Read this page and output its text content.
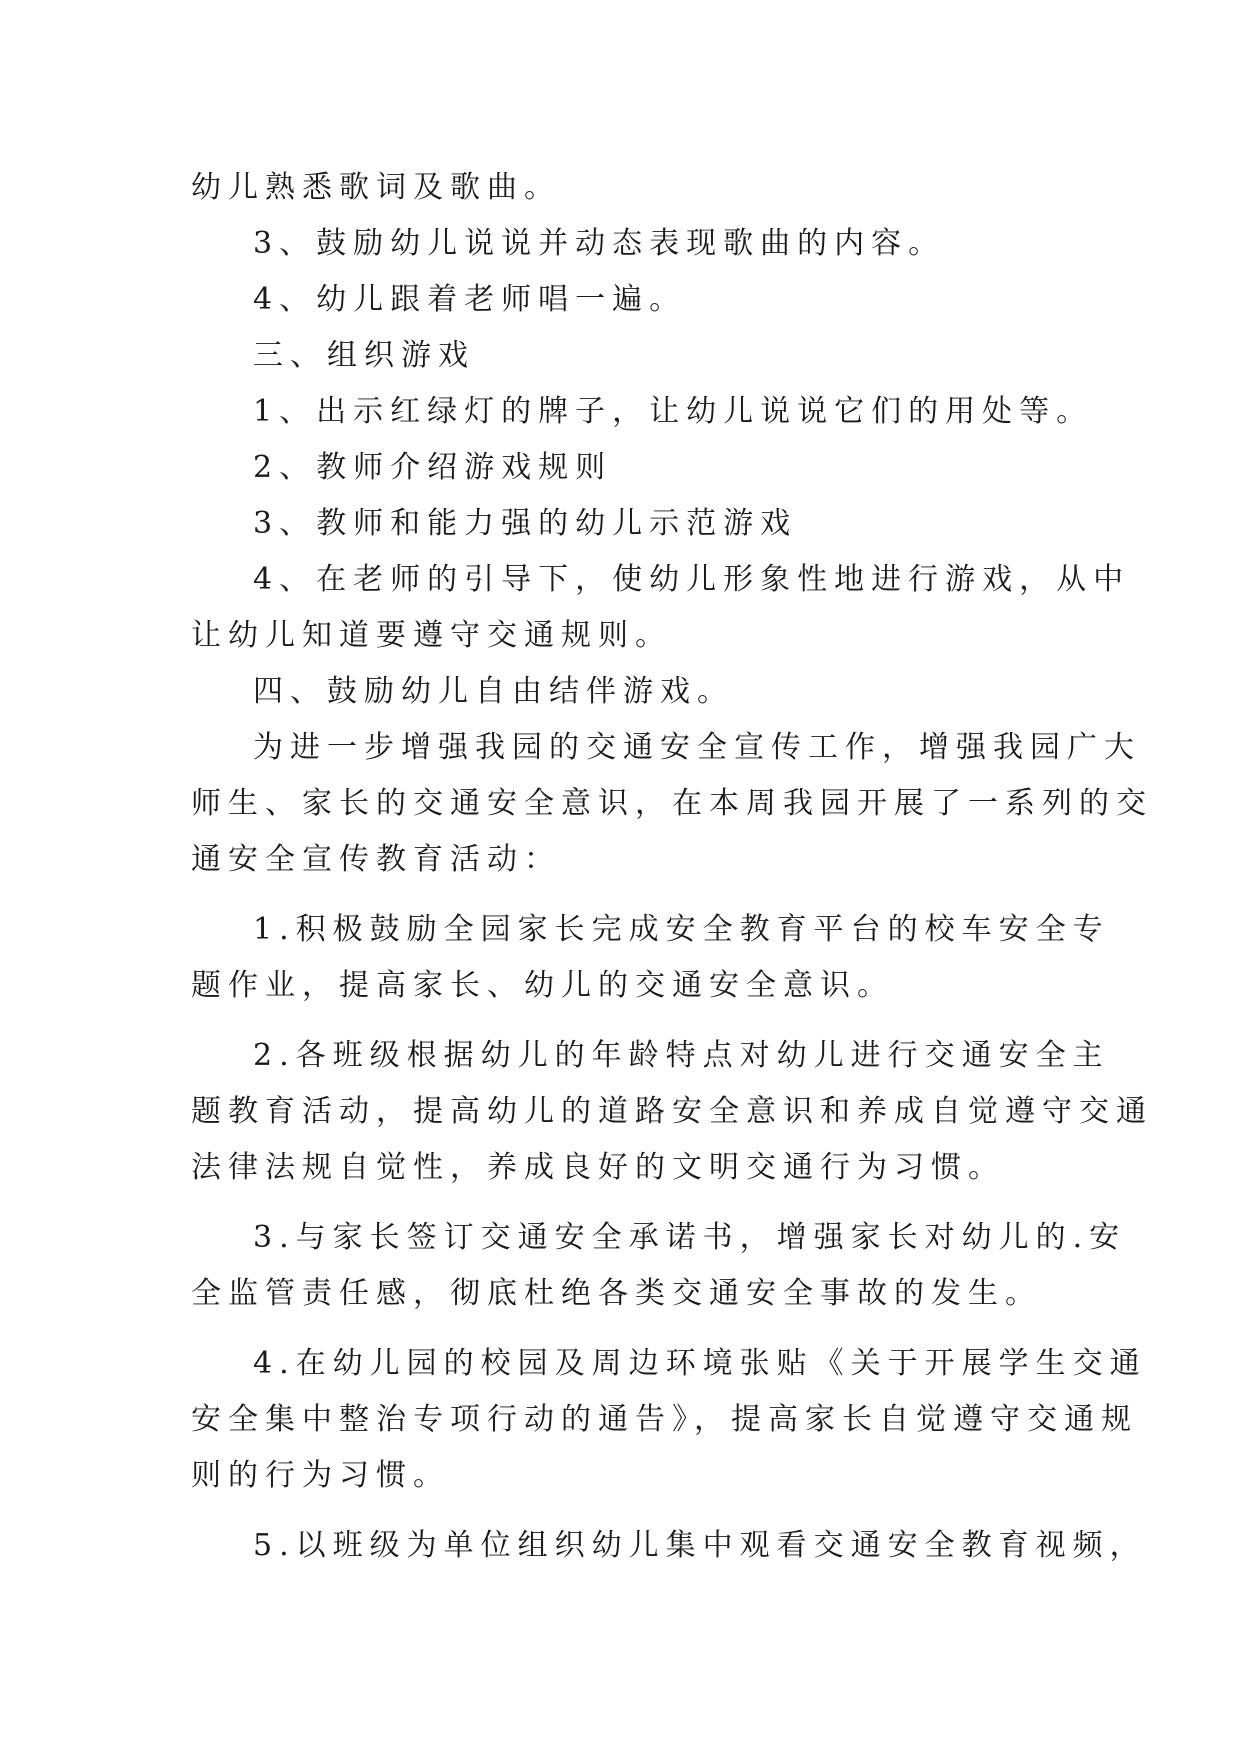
幼儿熟悉歌词及歌曲。
3、鼓励幼儿说说并动态表现歌曲的内容。
4、幼儿跟着老师唱一遍。
三、组织游戏
1、出示红绿灯的牌子，让幼儿说说它们的用处等。
2、教师介绍游戏规则
3、教师和能力强的幼儿示范游戏
4、在老师的引导下，使幼儿形象性地进行游戏，从中
让幼儿知道要遵守交通规则。
四、鼓励幼儿自由结伴游戏。
为进一步增强我园的交通安全宣传工作，增强我园广大
师生、家长的交通安全意识，在本周我园开展了一系列的交
通安全宣传教育活动：
1.积极鼓励全园家长完成安全教育平台的校车安全专
题作业，提高家长、幼儿的交通安全意识。
2.各班级根据幼儿的年龄特点对幼儿进行交通安全主
题教育活动，提高幼儿的道路安全意识和养成自觉遵守交通
法律法规自觉性，养成良好的文明交通行为习惯。
3.与家长签订交通安全承诺书，增强家长对幼儿的.安
全监管责任感，彻底杜绝各类交通安全事故的发生。
4.在幼儿园的校园及周边环境张贴《关于开展学生交通
安全集中整治专项行动的通告》，提高家长自觉遵守交通规
则的行为习惯。
5.以班级为单位组织幼儿集中观看交通安全教育视频，
